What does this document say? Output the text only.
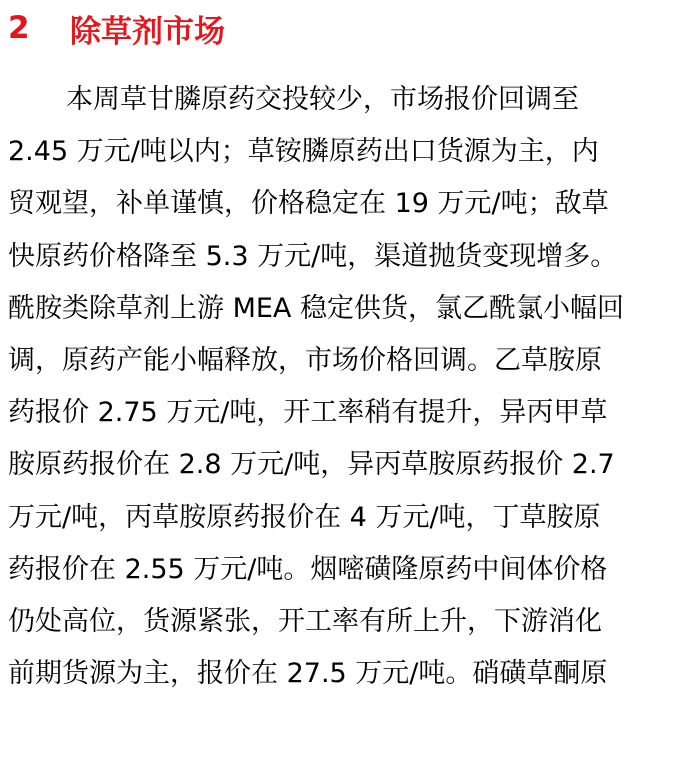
2	除草剂市场
本周草甘膦原药交投较少，市场报价回调至
2.45 万元/吨以内；草铵膦原药出口货源为主，内
贸观望，补单谨慎，价格稳定在 19 万元/吨；敌草
快原药价格降至 5.3 万元/吨，渠道抛货变现增多。
酰胺类除草剂上游 MEA 稳定供货，氯乙酰氯小幅回
调，原药产能小幅释放，市场价格回调。乙草胺原
药报价 2.75 万元/吨，开工率稍有提升，异丙甲草
胺原药报价在 2.8 万元/吨，异丙草胺原药报价 2.7
万元/吨，丙草胺原药报价在 4 万元/吨，丁草胺原
药报价在 2.55 万元/吨。烟嘧磺隆原药中间体价格
仍处高位，货源紧张，开工率有所上升，下游消化
前期货源为主，报价在 27.5 万元/吨。硝磺草酮原
